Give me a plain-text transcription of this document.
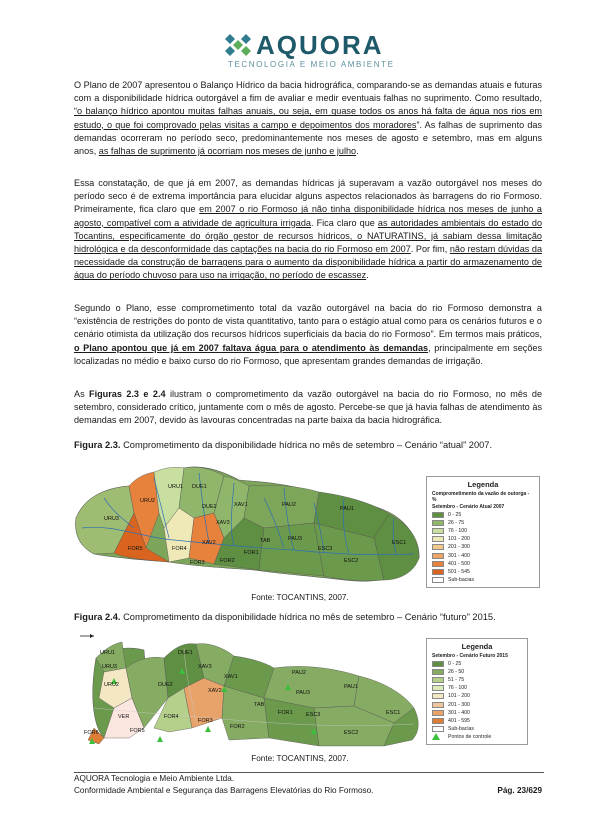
AQUORA
TECNOLOGIA E MEIO AMBIENTE

O Plano de 2007 apresentou o Balanço Hídrico da bacia hidrográfica, comparando-se as demandas atuais e futuras com a disponibilidade hídrica outorgável a fim de avaliar e medir eventuais falhas no suprimento. Como resultado, “o balanço hídrico apontou muitas falhas anuais, ou seja, em quase todos os anos há falta de água nos rios em estudo, o que foi comprovado pelas visitas a campo e depoimentos dos moradores”. As falhas de suprimento das demandas ocorreram no período seco, predominantemente nos meses de agosto e setembro, mas em alguns anos, as falhas de suprimento já ocorriam nos meses de junho e julho.

Essa constatação, de que já em 2007, as demandas hídricas já superavam a vazão outorgável nos meses do período seco é de extrema importância para elucidar alguns aspectos relacionados às barragens do rio Formoso. Primeiramente, fica claro que em 2007 o rio Formoso já não tinha disponibilidade hídrica nos meses de junho a agosto, compatível com a atividade de agricultura irrigada. Fica claro que as autoridades ambientais do estado do Tocantins, especificamente do órgão gestor de recursos hídricos, o NATURATINS, já sabiam dessa limitação hidrológica e da desconformidade das captações na bacia do rio Formoso em 2007. Por fim, não restam dúvidas da necessidade da construção de barragens para o aumento da disponibilidade hídrica a partir do armazenamento de água do período chuvoso para uso na irrigação, no período de escassez.

Segundo o Plano, esse comprometimento total da vazão outorgável na bacia do rio Formoso demonstra a “existência de restrições do ponto de vista quantitativo, tanto para o estágio atual como para os cenários futuros e o cenário otimista da utilização dos recursos hídricos superficiais da bacia do rio Formoso”. Em termos mais práticos, o Plano apontou que já em 2007 faltava água para o atendimento às demandas, principalmente em seções localizadas no médio e baixo curso do rio Formoso, que apresentam grandes demandas de irrigação.

As Figuras 2.3 e 2.4 ilustram o comprometimento da vazão outorgável na bacia do rio Formoso, no mês de setembro, considerado crítico, juntamente com o mês de agosto. Percebe-se que já havia falhas de atendimento às demandas em 2007, devido às lavouras concentradas na parte baixa da bacia hidrográfica.

Figura 2.3. Comprometimento da disponibilidade hídrica no mês de setembro – Cenário “atual” 2007.
URU3
URU2
URU1 DUE1
DUE2
XAV3
XAV2
XAV1
FOR4
FOR5
FOR3	FOR2
FOR1
TAB	PAU3
PAU2
PAU1
ESC3
ESC2
ESC1
Legenda
Comprometimento da vazão de outorga - %
Setembro - Cenário Atual 2007
0 - 25
26 - 75
76 - 100
101 - 200
201 - 300
301 - 400
401 - 500
501 - 545
Sub-bacias
Fonte: TOCANTINS, 2007.
Figura 2.4. Comprometimento da disponibilidade hídrica no mês de setembro – Cenário “futuro” 2015.
URU1
URU2
URU3
DUE1
DUE2
XAV3
XAV1
XAV2
PAU2
PAU1
PAU3
ESC1
ESC3
ESC2
FOR1
FOR2
FOR3
FOR4
FOR5
FOR6
TAB
VER
Legenda
Setembro - Cenário Futuro 2015
0 - 25
26 - 50
51 - 75
76 - 100
101 - 200
201 - 300
301 - 400
401 - 595
Sub-bacias
Pontos de controle
Fonte: TOCANTINS, 2007.
AQUORA Tecnologia e Meio Ambiente Ltda.
Conformidade Ambiental e Segurança das Barragens Elevatórias do Rio Formoso.	Pág. 23/629
